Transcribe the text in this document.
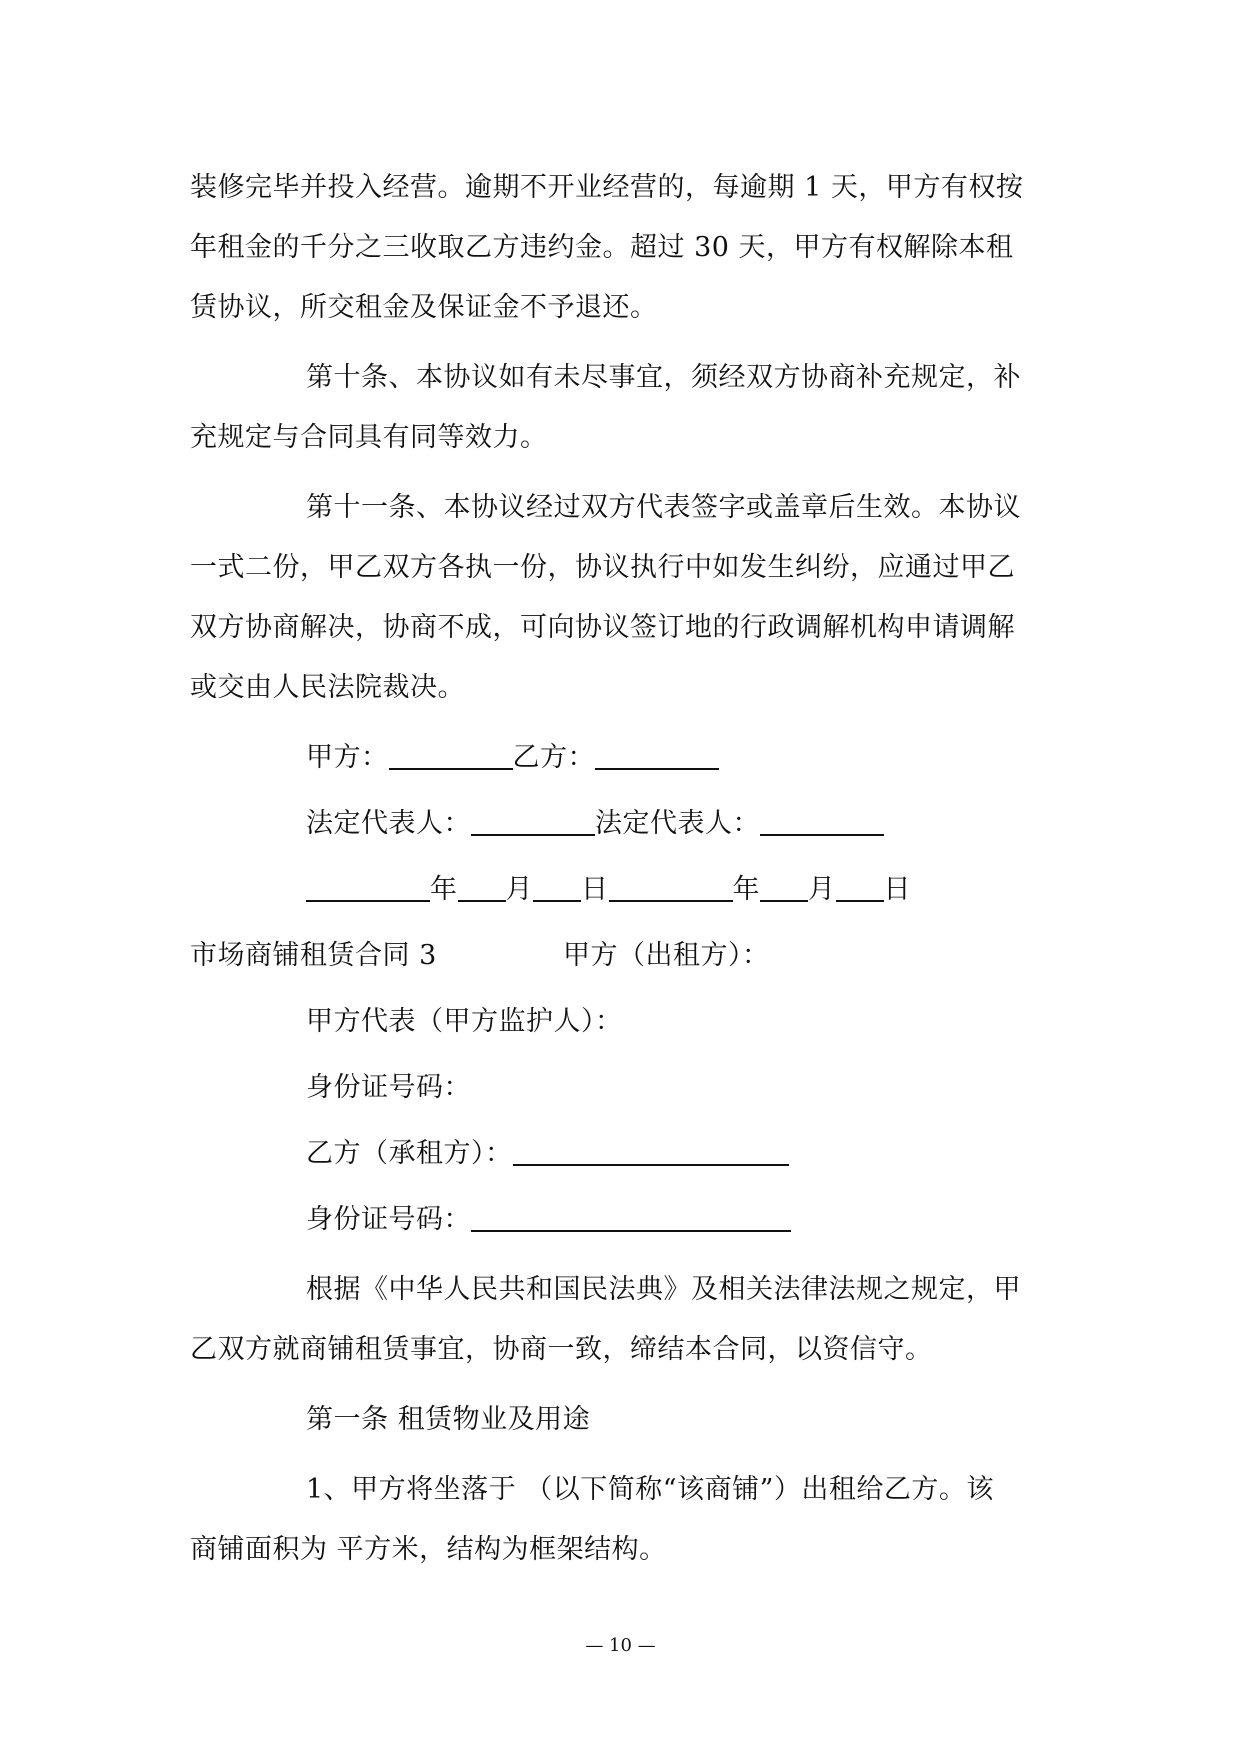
装修完毕并投入经营。逾期不开业经营的，每逾期 1 天，甲方有权按
年租金的千分之三收取乙方违约金。超过 30 天，甲方有权解除本租
赁协议，所交租金及保证金不予退还。
第十条、本协议如有未尽事宜，须经双方协商补充规定，补
充规定与合同具有同等效力。
第十一条、本协议经过双方代表签字或盖章后生效。本协议
一式二份，甲乙双方各执一份，协议执行中如发生纠纷，应通过甲乙
双方协商解决，协商不成，可向协议签订地的行政调解机构申请调解
或交由人民法院裁决。
甲方：	乙方：
法定代表人：	法定代表人：
年 月 日	年 月 日
市场商铺租赁合同 3	甲方（出租方）：
甲方代表（甲方监护人）：
身份证号码：
乙方（承租方）：
身份证号码：
根据《中华人民共和国民法典》及相关法律法规之规定，甲
乙双方就商铺租赁事宜，协商一致，缔结本合同，以资信守。
第一条 租赁物业及用途
1、甲方将坐落于 （以下简称“该商铺”）出租给乙方。该
商铺面积为 平方米，结构为框架结构。
— 10 —
